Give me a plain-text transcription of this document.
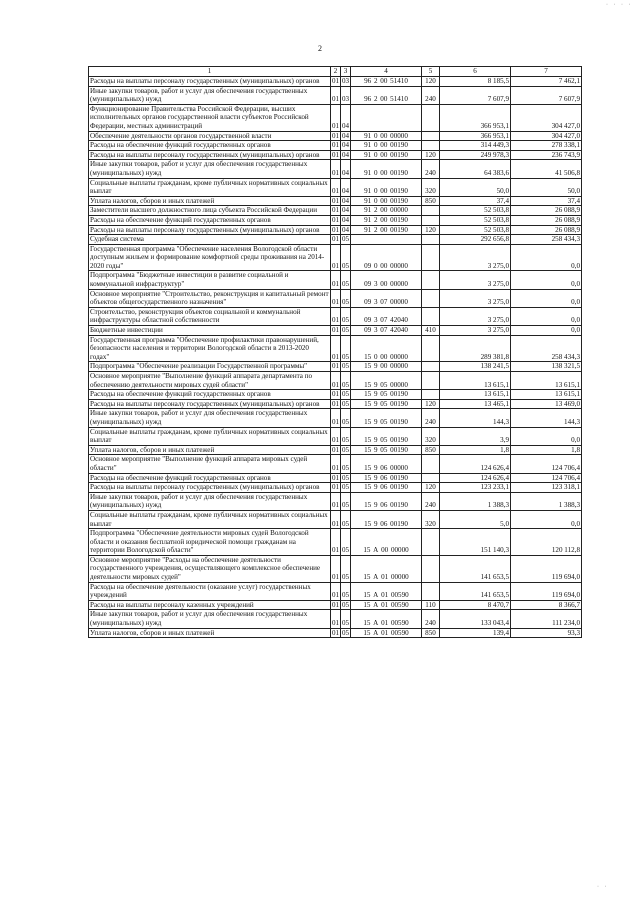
· · · ·
2
1	2	3	4	5	6	7
Расходы на выплаты персоналу государственных (муниципальных) органов	01	03	96 2 00 51410	120	8 185,5	7 462,1
Иные закупки товаров, работ и услуг для обеспечения государственных (муниципальных) нужд	01	03	96 2 00 51410	240	7 607,9	7 607,9
Функционирование Правительства Российской Федерации, высших исполнительных органов государственной власти субъектов Российской Федерации, местных администраций	01	04			366 953,1	304 427,0
Обеспечение деятельности органов государственной власти	01	04	91 0 00 00000		366 953,1	304 427,0
Расходы на обеспечение функций государственных органов	01	04	91 0 00 00190		314 449,3	278 338,1
Расходы на выплаты персоналу государственных (муниципальных) органов	01	04	91 0 00 00190	120	249 978,3	236 743,9
Иные закупки товаров, работ и услуг для обеспечения государственных (муниципальных) нужд	01	04	91 0 00 00190	240	64 383,6	41 506,8
Социальные выплаты гражданам, кроме публичных нормативных социальных выплат	01	04	91 0 00 00190	320	50,0	50,0
Уплата налогов, сборов и иных платежей	01	04	91 0 00 00190	850	37,4	37,4
Заместители высшего должностного лица субъекта Российской Федерации	01	04	91 2 00 00000		52 503,8	26 088,9
Расходы на обеспечение функций государственных органов	01	04	91 2 00 00190		52 503,8	26 088,9
Расходы на выплаты персоналу государственных (муниципальных) органов	01	04	91 2 00 00190	120	52 503,8	26 088,9
Судебная система	01	05			292 656,8	258 434,3
Государственная программа "Обеспечение населения Вологодской области доступным жильем и формирование комфортной среды проживания на 2014-2020 годы"	01	05	09 0 00 00000		3 275,0	0,0
Подпрограмма "Бюджетные инвестиции в развитие социальной и коммунальной инфраструктур"	01	05	09 3 00 00000		3 275,0	0,0
Основное мероприятие "Строительство, реконструкция и капитальный ремонт объектов общегосударственного назначения"	01	05	09 3 07 00000		3 275,0	0,0
Строительство, реконструкция объектов социальной и коммунальной инфраструктуры областной собственности	01	05	09 3 07 42040		3 275,0	0,0
Бюджетные инвестиции	01	05	09 3 07 42040	410	3 275,0	0,0
Государственная программа "Обеспечение профилактики правонарушений, безопасности населения и территории Вологодской области в 2013-2020 годах"	01	05	15 0 00 00000		289 381,8	258 434,3
Подпрограмма "Обеспечение реализации Государственной программы"	01	05	15 9 00 00000		138 241,5	138 321,5
Основное мероприятие "Выполнение функций аппарата департамента по обеспечению деятельности мировых судей области"	01	05	15 9 05 00000		13 615,1	13 615,1
Расходы на обеспечение функций государственных органов	01	05	15 9 05 00190		13 615,1	13 615,1
Расходы на выплаты персоналу государственных (муниципальных) органов	01	05	15 9 05 00190	120	13 465,1	13 469,0
Иные закупки товаров, работ и услуг для обеспечения государственных (муниципальных) нужд	01	05	15 9 05 00190	240	144,3	144,3
Социальные выплаты гражданам, кроме публичных нормативных социальных выплат	01	05	15 9 05 00190	320	3,9	0,0
Уплата налогов, сборов и иных платежей	01	05	15 9 05 00190	850	1,8	1,8
Основное мероприятие "Выполнение функций аппарата мировых судей области"	01	05	15 9 06 00000		124 626,4	124 706,4
Расходы на обеспечение функций государственных органов	01	05	15 9 06 00190		124 626,4	124 706,4
Расходы на выплаты персоналу государственных (муниципальных) органов	01	05	15 9 06 00190	120	123 233,1	123 318,1
Иные закупки товаров, работ и услуг для обеспечения государственных (муниципальных) нужд	01	05	15 9 06 00190	240	1 388,3	1 388,3
Социальные выплаты гражданам, кроме публичных нормативных социальных выплат	01	05	15 9 06 00190	320	5,0	0,0
Подпрограмма "Обеспечение деятельности мировых судей Вологодской области и оказания бесплатной юридической помощи гражданам на территории Вологодской области"	01	05	15 А 00 00000		151 140,3	120 112,8
Основное мероприятие "Расходы на обеспечение деятельности государственного учреждения, осуществляющего комплексное обеспечение деятельности мировых судей"	01	05	15 А 01 00000		141 653,5	119 694,0
Расходы на обеспечение деятельности (оказание услуг) государственных учреждений	01	05	15 А 01 00590		141 653,5	119 694,0
Расходы на выплаты персоналу казенных учреждений	01	05	15 А 01 00590	110	8 470,7	8 366,7
Иные закупки товаров, работ и услуг для обеспечения государственных (муниципальных) нужд	01	05	15 А 01 00590	240	133 043,4	111 234,0
Уплата налогов, сборов и иных платежей	01	05	15 А 01 00590	850	139,4	93,3
· ·
